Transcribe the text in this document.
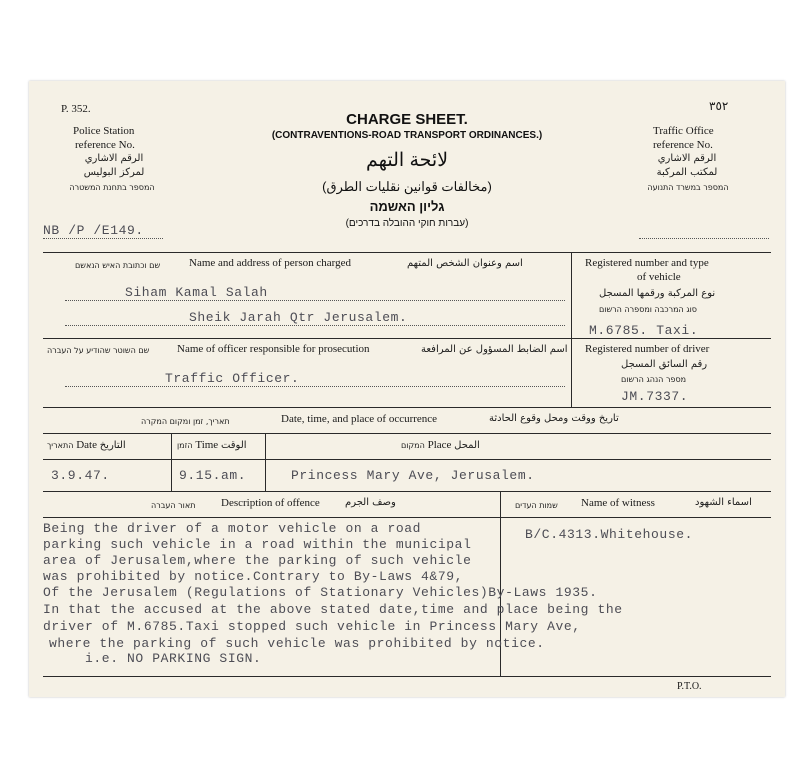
P. 352.	٣٥٢
CHARGE SHEET.
(CONTRAVENTIONS-ROAD TRANSPORT ORDINANCES.)
لائحة التهم
(مخالفات قوانين نقليات الطرق)
גליון האשמה
(עברות חוקי ההובלה בדרכים)
Police Station
reference No.
الرقم الاشاري
لمركز البوليس
המספר בתחנת המשטרה
NB /P /E149.
Traffic Office
reference No.
الرقم الاشاري
لمكتب المركبة
המספר במשרד התנועה
שם וכתובת האיש הנאשם	Name and address of person charged	اسم وعنوان الشخص المتهم
Siham Kamal Salah
Sheik Jarah Qtr Jerusalem.
Registered number and type
of vehicle
نوع المركبة ورقمها المسجل
סוג המרכבה ומספרה הרשום
M.6785. Taxi.
שם השוטר שהודיע על העברה	Name of officer responsible for prosecution	اسم الضابط المسؤول عن المرافعة
Traffic Officer.
Registered number of driver
رقم السائق المسجل
מספר הנהג הרשום
JM.7337.
תאריך, זמן ומקום המקרה	Date, time, and place of occurrence	تاريخ ووقت ومحل وقوع الحادثة
התאריך Date التاريخ	הזמן Time الوقت	המקום Place المحل
3.9.47.	9.15.am.	Princess Mary Ave, Jerusalem.
תאור העברה Description of offence	وصف الجرم	שמות העדים Name of witness	اسماء الشهود
Being the driver of a motor vehicle on a road
parking such vehicle in a road within the municipal
area of Jerusalem,where the parking of such vehicle
was prohibited by notice.Contrary to By-Laws 4&79,
Of the Jerusalem (Regulations of Stationary Vehicles)By-Laws 1935.
In that the accused at the above stated date,time and place being the
driver of M.6785.Taxi stopped such vehicle in Princess Mary Ave,
where the parking of such vehicle was prohibited by notice.
i.e. NO PARKING SIGN.
B/C.4313.Whitehouse.
P.T.O.
